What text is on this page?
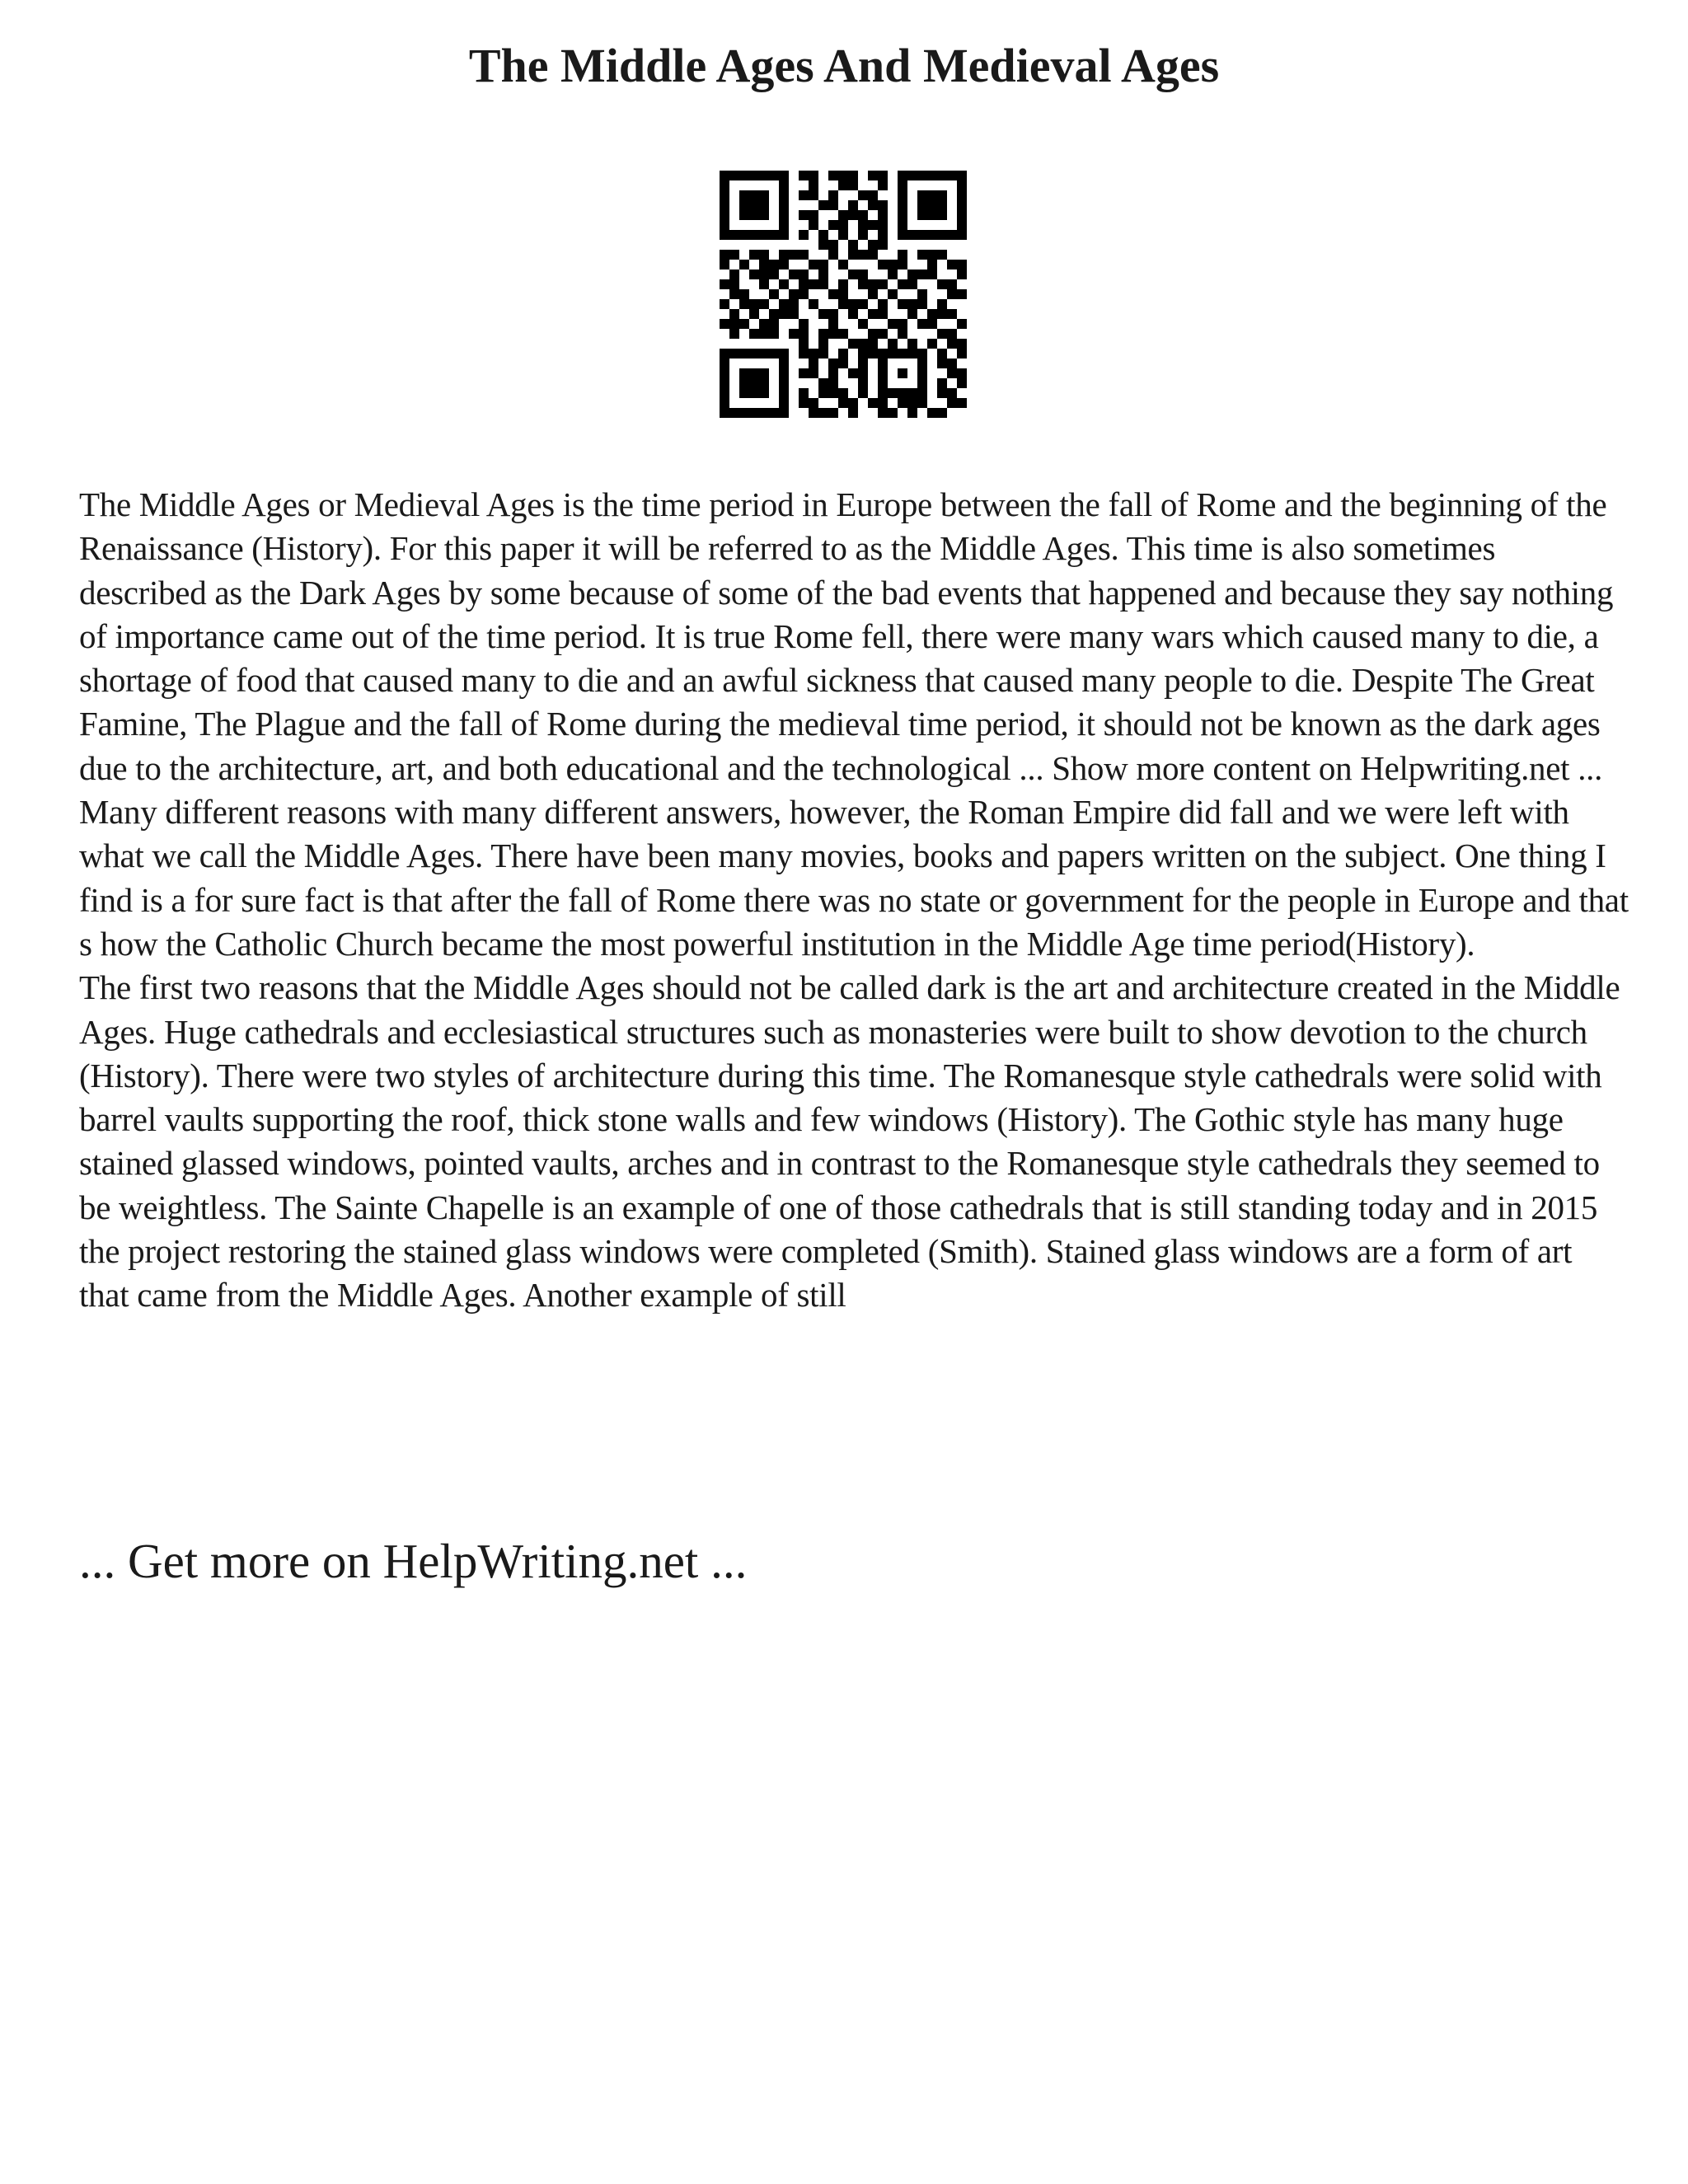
The Middle Ages And Medieval Ages

The Middle Ages or Medieval Ages is the time period in Europe between the fall of Rome and the beginning of the Renaissance (History). For this paper it will be referred to as the Middle Ages. This time is also sometimes described as the Dark Ages by some because of some of the bad events that happened and because they say nothing of importance came out of the time period. It is true Rome fell, there were many wars which caused many to die, a shortage of food that caused many to die and an awful sickness that caused many people to die. Despite The Great Famine, The Plague and the fall of Rome during the medieval time period, it should not be known as the dark ages due to the architecture, art, and both educational and the technological ... Show more content on Helpwriting.net ...

Many different reasons with many different answers, however, the Roman Empire did fall and we were left with what we call the Middle Ages. There have been many movies, books and papers written on the subject. One thing I find is a for sure fact is that after the fall of Rome there was no state or government for the people in Europe and that s how the Catholic Church became the most powerful institution in the Middle Age time period(History).

The first two reasons that the Middle Ages should not be called dark is the art and architecture created in the Middle Ages. Huge cathedrals and ecclesiastical structures such as monasteries were built to show devotion to the church (History). There were two styles of architecture during this time. The Romanesque style cathedrals were solid with barrel vaults supporting the roof, thick stone walls and few windows (History). The Gothic style has many huge stained glassed windows, pointed vaults, arches and in contrast to the Romanesque style cathedrals they seemed to be weightless. The Sainte Chapelle is an example of one of those cathedrals that is still standing today and in 2015 the project restoring the stained glass windows were completed (Smith). Stained glass windows are a form of art that came from the Middle Ages. Another example of still

... Get more on HelpWriting.net ...
